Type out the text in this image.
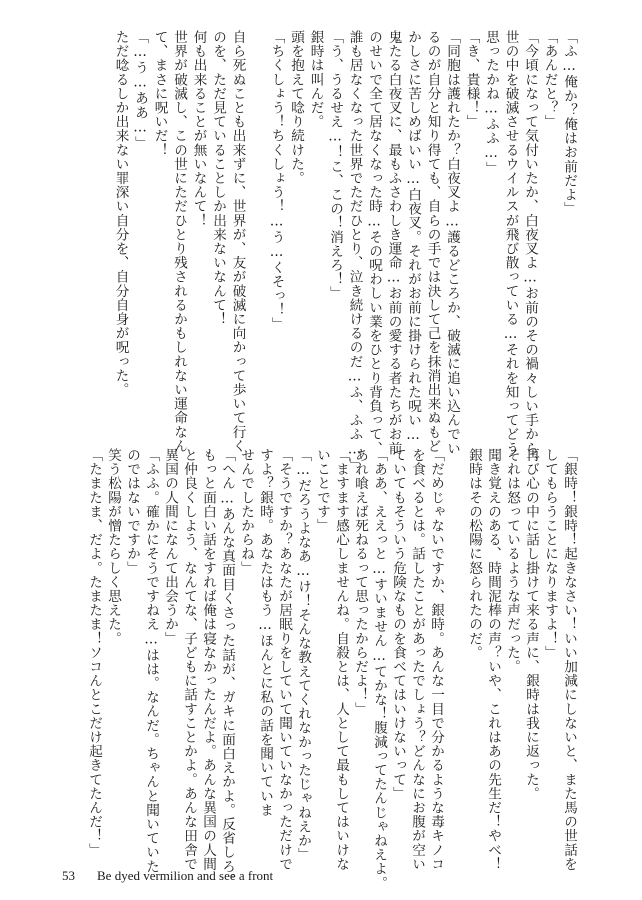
「ふ…俺か？俺はお前だよ」

「あんだと？」

「今頃になって気付いたか、白夜叉よ…お前のその禍々しい手から、

世の中を破滅させるウイルスが飛び散っている…それを知ってどう

思ったかね…ふふ…」

「き、貴様！」

「同胞は護れたか？白夜叉よ…護るどころか、破滅に追い込んでい

るのが自分と知り得ても、自らの手では決して己を抹消出来ぬもど

かしさに苦しめばいい…白夜叉。それがお前に掛けられた呪い…

鬼たる白夜叉に、最もふさわしき運命…お前の愛する者たちがお前

のせいで全て居なくなった時…その呪わしい業をひとり背負って、

誰も居なくなった世界でただひとり、泣き続けるのだ…ふ、ふふ…」

「う、うるせえ…！こ、この！消えろ！」

銀時は叫んだ。

頭を抱えて唸り続けた。

「ちくしょう！ちくしょう！…う…くそっ！」

自ら死ぬことも出来ずに、世界が、友が破滅に向かって歩いて行く

のを、ただ見ていることしか出来ないなんて！

何も出来ることが無いなんて！

世界が破滅し、この世にただひとり残されるかもしれない運命なん

て、まさに呪いだ！

「…う…ああ…」

ただ唸るしか出来ない罪深い自分を、自分自身が呪った。

「銀時！銀時！起きなさい！いい加減にしないと、また馬の世話を

してもらうことになりますよ！」

再び心の中に話し掛けて来る声に、銀時は我に返った。

それは怒っているような声だった。

聞き覚えのある、時間泥棒の声？いや、これはあの先生だ！やべ！

銀時はその松陽に怒られたのだ。

「だめじゃないですか、銀時。あんな一目で分かるような毒キノコ

を食べるとは。話したことがあったでしょう？どんなにお腹が空い

ていてもそういう危険なものを食べてはいけないって」

「ああ、ええっと…すいません…てかな！腹減ってたんじゃねえよ。

あれ喰えば死ねるって思ったからだよ！」

「ますます感心しませんね。自殺とは、人として最もしてはいけな

いことです」

「…だろうよなあ…け！そんな教えてくれなかったじゃねえか」

「そうですか？あなたが居眠りをしていて聞いていなかっただけで

すよ？銀時。あなたはもう…ほんとに私の話を聞いていま

せんでしたからね」

「へん…あんな真面目くさった話が、ガキに面白えかよ。反省しろ。

もっと面白い話をすれば俺は寝なかったんだよ。あんな異国の人間

と仲良くしよう、なんてな、子どもに話すことかよ。あんな田舎で

異国の人間になんて出会うか」

「ふふ。確かにそうですねえ…はは。なんだ。ちゃんと聞いていた

のではないですか」

笑う松陽が憎たらしく思えた。

「たまたま、だよ。たまたま！ソコんとこだけ起きてたんだ！」

53 Be dyed vermilion and see a front
